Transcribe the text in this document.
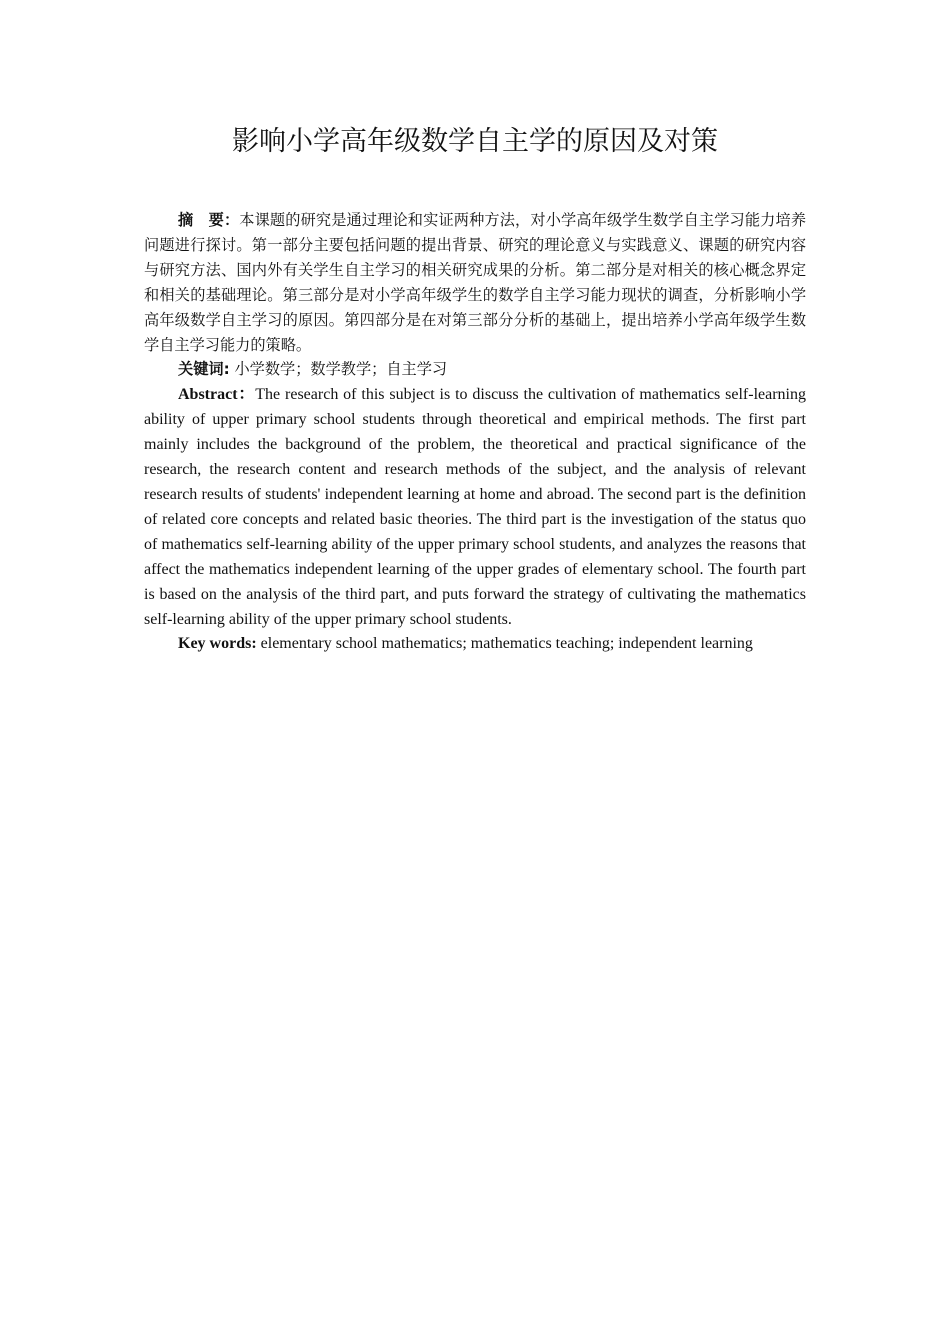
影响小学高年级数学自主学的原因及对策
摘　要：本课题的研究是通过理论和实证两种方法，对小学高年级学生数学自主学习能力培养问题进行探讨。第一部分主要包括问题的提出背景、研究的理论意义与实践意义、课题的研究内容与研究方法、国内外有关学生自主学习的相关研究成果的分析。第二部分是对相关的核心概念界定和相关的基础理论。第三部分是对小学高年级学生的数学自主学习能力现状的调查，分析影响小学高年级数学自主学习的原因。第四部分是在对第三部分分析的基础上，提出培养小学高年级学生数学自主学习能力的策略。
关键词: 小学数学；数学教学；自主学习
Abstract：The research of this subject is to discuss the cultivation of mathematics self-learning ability of upper primary school students through theoretical and empirical methods. The first part mainly includes the background of the problem, the theoretical and practical significance of the research, the research content and research methods of the subject, and the analysis of relevant research results of students' independent learning at home and abroad. The second part is the definition of related core concepts and related basic theories. The third part is the investigation of the status quo of mathematics self-learning ability of the upper primary school students, and analyzes the reasons that affect the mathematics independent learning of the upper grades of elementary school. The fourth part is based on the analysis of the third part, and puts forward the strategy of cultivating the mathematics self-learning ability of the upper primary school students.
Key words: elementary school mathematics; mathematics teaching; independent learning
